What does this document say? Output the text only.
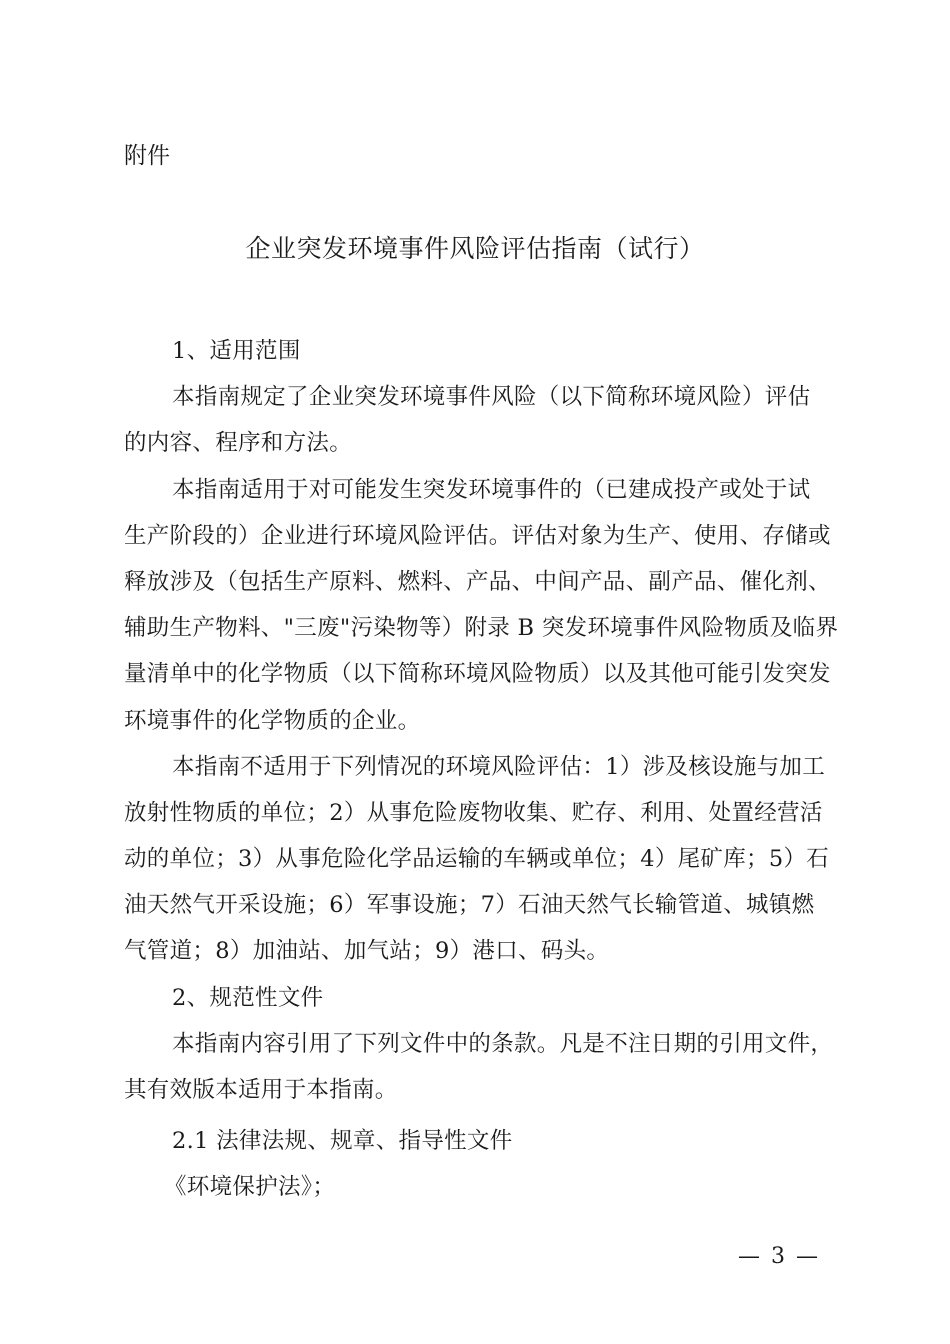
附件
企业突发环境事件风险评估指南（试行）
1、适用范围
本指南规定了企业突发环境事件风险（以下简称环境风险）评估
的内容、程序和方法。
本指南适用于对可能发生突发环境事件的（已建成投产或处于试
生产阶段的）企业进行环境风险评估。评估对象为生产、使用、存储或
释放涉及（包括生产原料、燃料、产品、中间产品、副产品、催化剂、
辅助生产物料、"三废"污染物等）附录 B 突发环境事件风险物质及临界
量清单中的化学物质（以下简称环境风险物质）以及其他可能引发突发
环境事件的化学物质的企业。
本指南不适用于下列情况的环境风险评估：1）涉及核设施与加工
放射性物质的单位；2）从事危险废物收集、贮存、利用、处置经营活
动的单位；3）从事危险化学品运输的车辆或单位；4）尾矿库；5）石
油天然气开采设施；6）军事设施；7）石油天然气长输管道、城镇燃
气管道；8）加油站、加气站；9）港口、码头。
2、规范性文件
本指南内容引用了下列文件中的条款。凡是不注日期的引用文件，
其有效版本适用于本指南。
2.1 法律法规、规章、指导性文件
《环境保护法》；
— 3 —
